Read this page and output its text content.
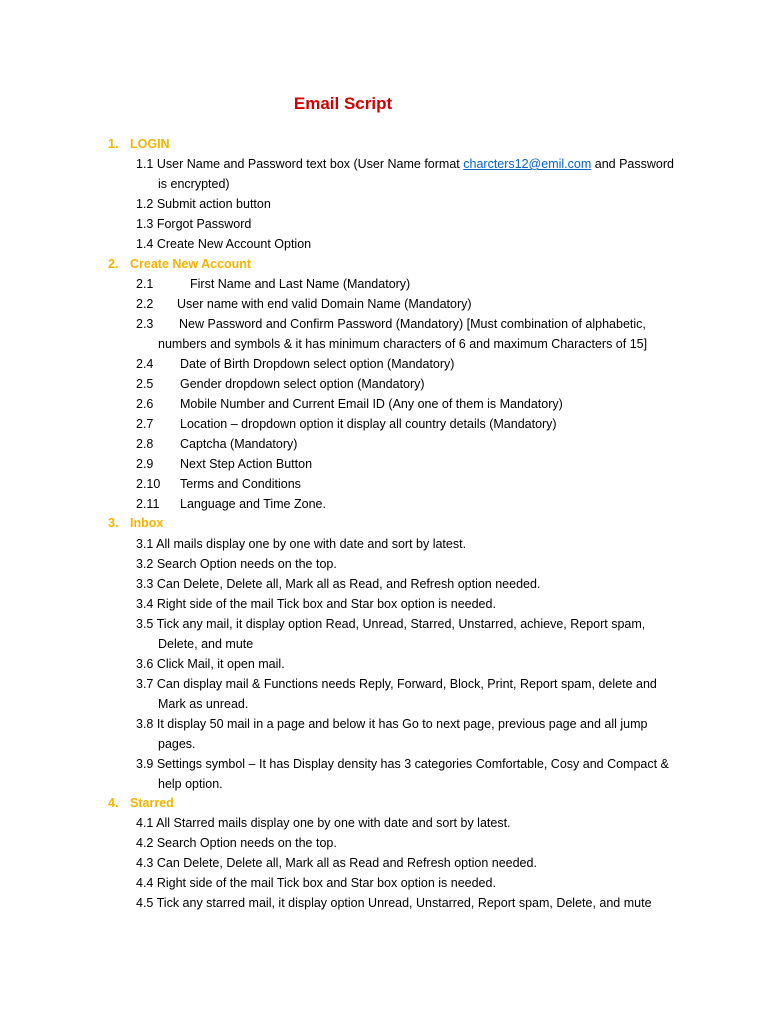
Email Script
1. LOGIN
1.1 User Name and Password text box (User Name format charcters12@emil.com and Password
is encrypted)
1.2 Submit action button
1.3 Forgot Password
1.4 Create New Account Option
2. Create New Account
2.1	First Name and Last Name (Mandatory)
2.2 User name with end valid Domain Name (Mandatory)
2.3 New Password and Confirm Password (Mandatory) [Must combination of alphabetic,
numbers and symbols & it has minimum characters of 6 and maximum Characters of 15]
2.4 Date of Birth Dropdown select option (Mandatory)
2.5 Gender dropdown select option (Mandatory)
2.6 Mobile Number and Current Email ID (Any one of them is Mandatory)
2.7 Location – dropdown option it display all country details (Mandatory)
2.8 Captcha (Mandatory)
2.9 Next Step Action Button
2.10 Terms and Conditions
2.11 Language and Time Zone.
3. Inbox
3.1 All mails display one by one with date and sort by latest.
3.2 Search Option needs on the top.
3.3 Can Delete, Delete all, Mark all as Read, and Refresh option needed.
3.4 Right side of the mail Tick box and Star box option is needed.
3.5 Tick any mail, it display option Read, Unread, Starred, Unstarred, achieve, Report spam,
Delete, and mute
3.6 Click Mail, it open mail.
3.7 Can display mail & Functions needs Reply, Forward, Block, Print, Report spam, delete and
Mark as unread.
3.8 It display 50 mail in a page and below it has Go to next page, previous page and all jump
pages.
3.9 Settings symbol – It has Display density has 3 categories Comfortable, Cosy and Compact &
help option.
4. Starred
4.1 All Starred mails display one by one with date and sort by latest.
4.2 Search Option needs on the top.
4.3 Can Delete, Delete all, Mark all as Read and Refresh option needed.
4.4 Right side of the mail Tick box and Star box option is needed.
4.5 Tick any starred mail, it display option Unread, Unstarred, Report spam, Delete, and mute
